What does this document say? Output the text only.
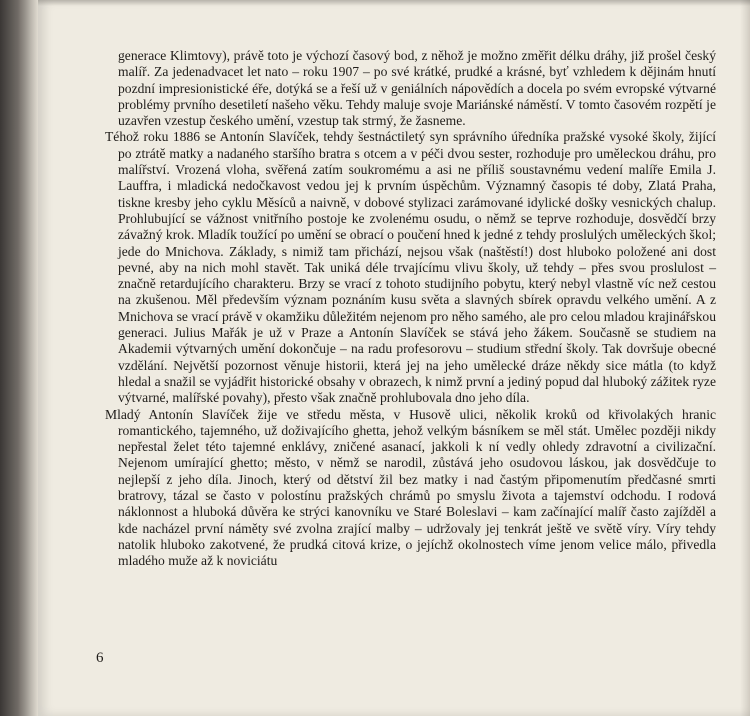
generace Klimtovy), právě toto je výchozí časový bod, z něhož je možno změřit délku dráhy, již prošel český malíř. Za jedenadvacet let nato – roku 1907 – po své krátké, prudké a krásné, byť vzhledem k dějinám hnutí pozdní impresionistické éře, dotýká se a řeší už v geniálních nápovědích a docela po svém evropské výtvarné problémy prvního desetiletí našeho věku. Tehdy maluje svoje Mariánské náměstí. V tomto časovém rozpětí je uzavřen vzestup českého umění, vzestup tak strmý, že žasneme.

Téhož roku 1886 se Antonín Slavíček, tehdy šestnáctiletý syn správního úředníka pražské vysoké školy, žijící po ztrátě matky a nadaného staršího bratra s otcem a v péči dvou sester, rozhoduje pro uměleckou dráhu, pro malířství. Vrozená vloha, svěřená zatím soukromému a asi ne příliš soustavnému vedení malíře Emila J. Lauffra, i mladická nedočkavost vedou jej k prvním úspěchům. Významný časopis té doby, Zlatá Praha, tiskne kresby jeho cyklu Měsíců a naivně, v dobové stylizaci zarámované idylické došky vesnických chalup. Prohlubující se vážnost vnitřního postoje ke zvolenému osudu, o němž se teprve rozhoduje, dosvědčí brzy závažný krok. Mladík toužící po umění se obrací o poučení hned k jedné z tehdy proslulých uměleckých škol; jede do Mnichova. Základy, s nimiž tam přichází, nejsou však (naštěstí!) dost hluboko položené ani dost pevné, aby na nich mohl stavět. Tak uniká déle trvajícímu vlivu školy, už tehdy – přes svou proslulost – značně retardujícího charakteru. Brzy se vrací z tohoto studijního pobytu, který nebyl vlastně víc než cestou na zkušenou. Měl především význam poznáním kusu světa a slavných sbírek opravdu velkého umění. A z Mnichova se vrací právě v okamžiku důležitém nejenom pro něho samého, ale pro celou mladou krajinářskou generaci. Julius Mařák je už v Praze a Antonín Slavíček se stává jeho žákem. Současně se studiem na Akademii výtvarných umění dokončuje – na radu profesorovu – studium střední školy. Tak dovršuje obecné vzdělání. Největší pozornost věnuje historii, která jej na jeho umělecké dráze někdy sice mátla (to když hledal a snažil se vyjádřit historické obsahy v obrazech, k nimž první a jediný popud dal hluboký zážitek ryze výtvarné, malířské povahy), přesto však značně prohlubovala dno jeho díla.

Mladý Antonín Slavíček žije ve středu města, v Husově ulici, několik kroků od křivolakých hranic romantického, tajemného, už doživajícího ghetta, jehož velkým básníkem se měl stát. Umělec později nikdy nepřestal želet této tajemné enklávy, zničené asanací, jakkoli k ní vedly ohledy zdravotní a civilizační. Nejenom umírající ghetto; město, v němž se narodil, zůstává jeho osudovou láskou, jak dosvědčuje to nejlepší z jeho díla. Jinoch, který od dětství žil bez matky i nad častým připomenutím předčasné smrti bratrovy, tázal se často v polostínu pražských chrámů po smyslu života a tajemství odchodu. I rodová náklonnost a hluboká důvěra ke strýci kanovníku ve Staré Boleslavi – kam začínající malíř často zajížděl a kde nacházel první náměty své zvolna zrající malby – udržovaly jej tenkrát ještě ve světě víry. Víry tehdy natolik hluboko zakotvené, že prudká citová krize, o jejíchž okolnostech víme jenom velice málo, přivedla mladého muže až k noviciátu

6
